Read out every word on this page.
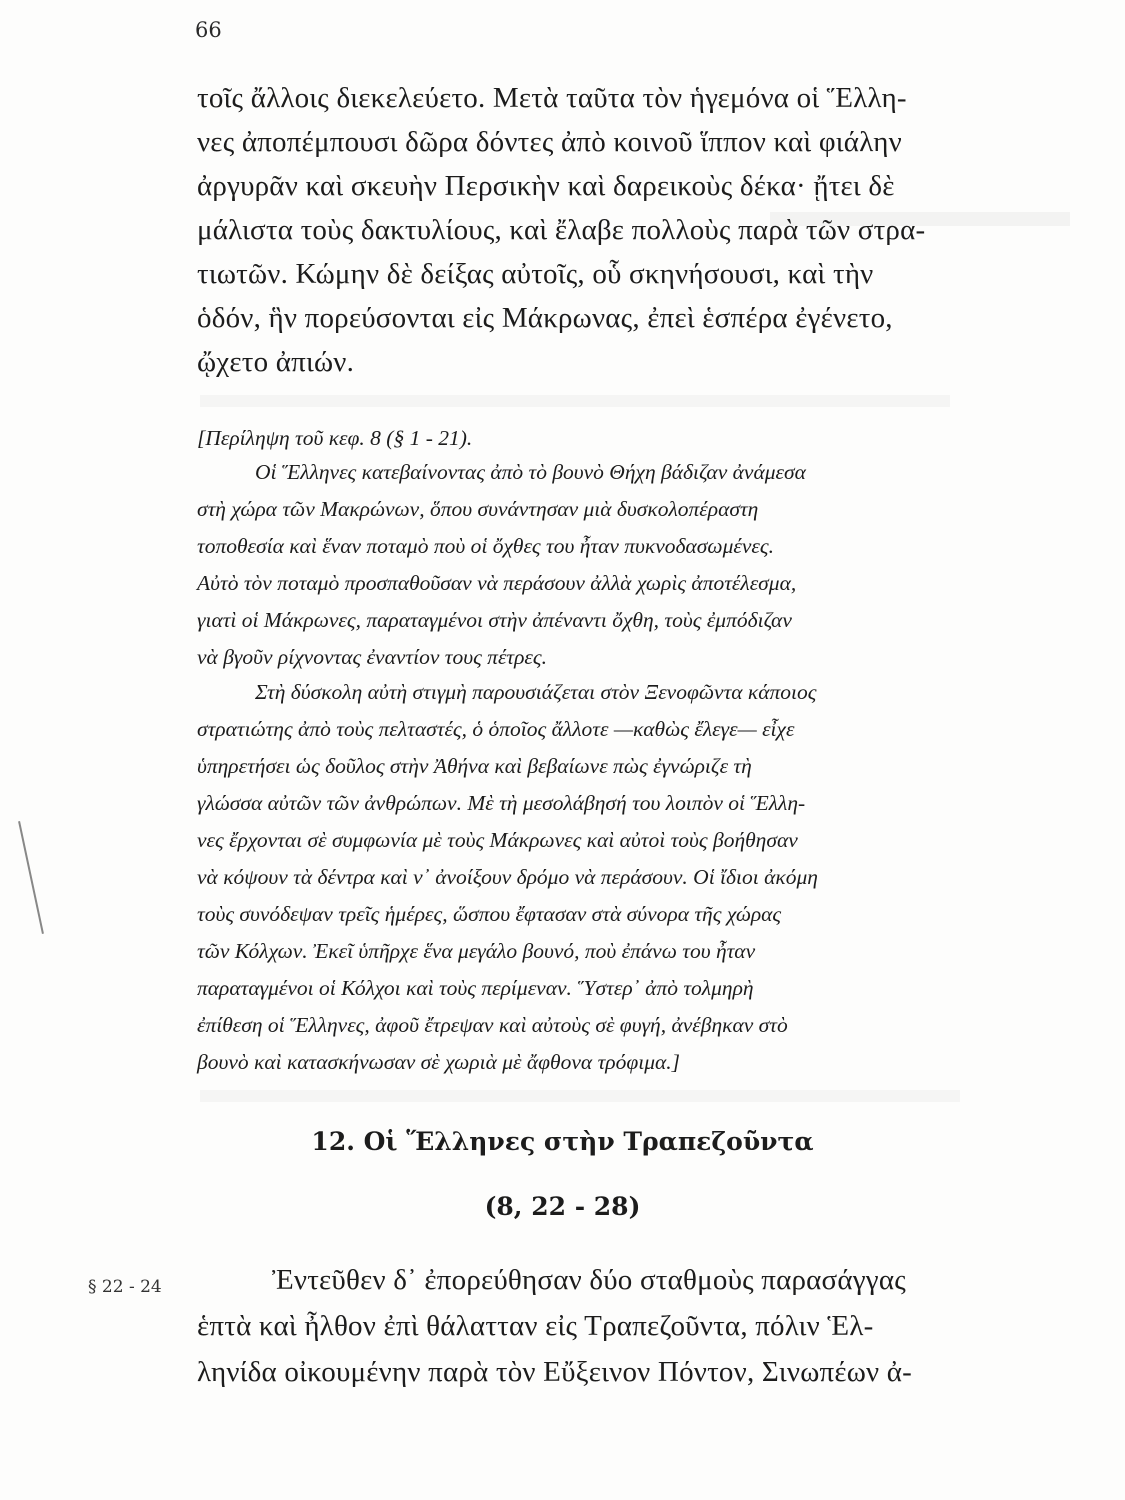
66
τοῖς ἄλλοις διεκελεύετο. Μετὰ ταῦτα τὸν ἡγεμόνα οἱ Ἕλλη-
νες ἀποπέμπουσι δῶρα δόντες ἀπὸ κοινοῦ ἵππον καὶ φιάλην
ἀργυρᾶν καὶ σκευὴν Περσικὴν καὶ δαρεικοὺς δέκα· ᾔτει δὲ
μάλιστα τοὺς δακτυλίους, καὶ ἔλαβε πολλοὺς παρὰ τῶν στρα-
τιωτῶν. Κώμην δὲ δείξας αὐτοῖς, οὗ σκηνήσουσι, καὶ τὴν
ὁδόν, ἣν πορεύσονται εἰς Μάκρωνας, ἐπεὶ ἑσπέρα ἐγένετο,
ᾤχετο ἀπιών.
[Περίληψη τοῦ κεφ. 8 (§ 1 - 21).
Οἱ Ἕλληνες κατεβαίνοντας ἀπὸ τὸ βουνὸ Θήχη βάδιζαν ἀνάμεσα
στὴ χώρα τῶν Μακρώνων, ὅπου συνάντησαν μιὰ δυσκολοπέραστη
τοποθεσία καὶ ἕναν ποταμὸ ποὺ οἱ ὄχθες του ἦταν πυκνοδασωμένες.
Αὐτὸ τὸν ποταμὸ προσπαθοῦσαν νὰ περάσουν ἀλλὰ χωρὶς ἀποτέλεσμα,
γιατὶ οἱ Μάκρωνες, παραταγμένοι στὴν ἀπέναντι ὄχθη, τοὺς ἐμπόδιζαν
νὰ βγοῦν ρίχνοντας ἐναντίον τους πέτρες.
Στὴ δύσκολη αὐτὴ στιγμὴ παρουσιάζεται στὸν Ξενοφῶντα κάποιος
στρατιώτης ἀπὸ τοὺς πελταστές, ὁ ὁποῖος ἄλλοτε —καθὼς ἔλεγε— εἶχε
ὑπηρετήσει ὡς δοῦλος στὴν Ἀθήνα καὶ βεβαίωνε πὼς ἐγνώριζε τὴ
γλώσσα αὐτῶν τῶν ἀνθρώπων. Μὲ τὴ μεσολάβησή του λοιπὸν οἱ Ἕλλη-
νες ἔρχονται σὲ συμφωνία μὲ τοὺς Μάκρωνες καὶ αὐτοὶ τοὺς βοήθησαν
νὰ κόψουν τὰ δέντρα καὶ ν᾿ ἀνοίξουν δρόμο νὰ περάσουν. Οἱ ἴδιοι ἀκόμη
τοὺς συνόδεψαν τρεῖς ἡμέρες, ὥσπου ἔφτασαν στὰ σύνορα τῆς χώρας
τῶν Κόλχων. Ἐκεῖ ὑπῆρχε ἕνα μεγάλο βουνό, ποὺ ἐπάνω του ἦταν
παραταγμένοι οἱ Κόλχοι καὶ τοὺς περίμεναν. Ὕστερ᾿ ἀπὸ τολμηρὴ
ἐπίθεση οἱ Ἕλληνες, ἀφοῦ ἔτρεψαν καὶ αὐτοὺς σὲ φυγή, ἀνέβηκαν στὸ
βουνὸ καὶ κατασκήνωσαν σὲ χωριὰ μὲ ἄφθονα τρόφιμα.]
12. Οἱ Ἕλληνες στὴν Τραπεζοῦντα
(8, 22 - 28)
§ 22 - 24	Ἐντεῦθεν δ᾿ ἐπορεύθησαν δύο σταθμοὺς παρασάγγας
ἑπτὰ καὶ ἦλθον ἐπὶ θάλατταν εἰς Τραπεζοῦντα, πόλιν Ἑλ-
ληνίδα οἰκουμένην παρὰ τὸν Εὔξεινον Πόντον, Σινωπέων ἀ-
